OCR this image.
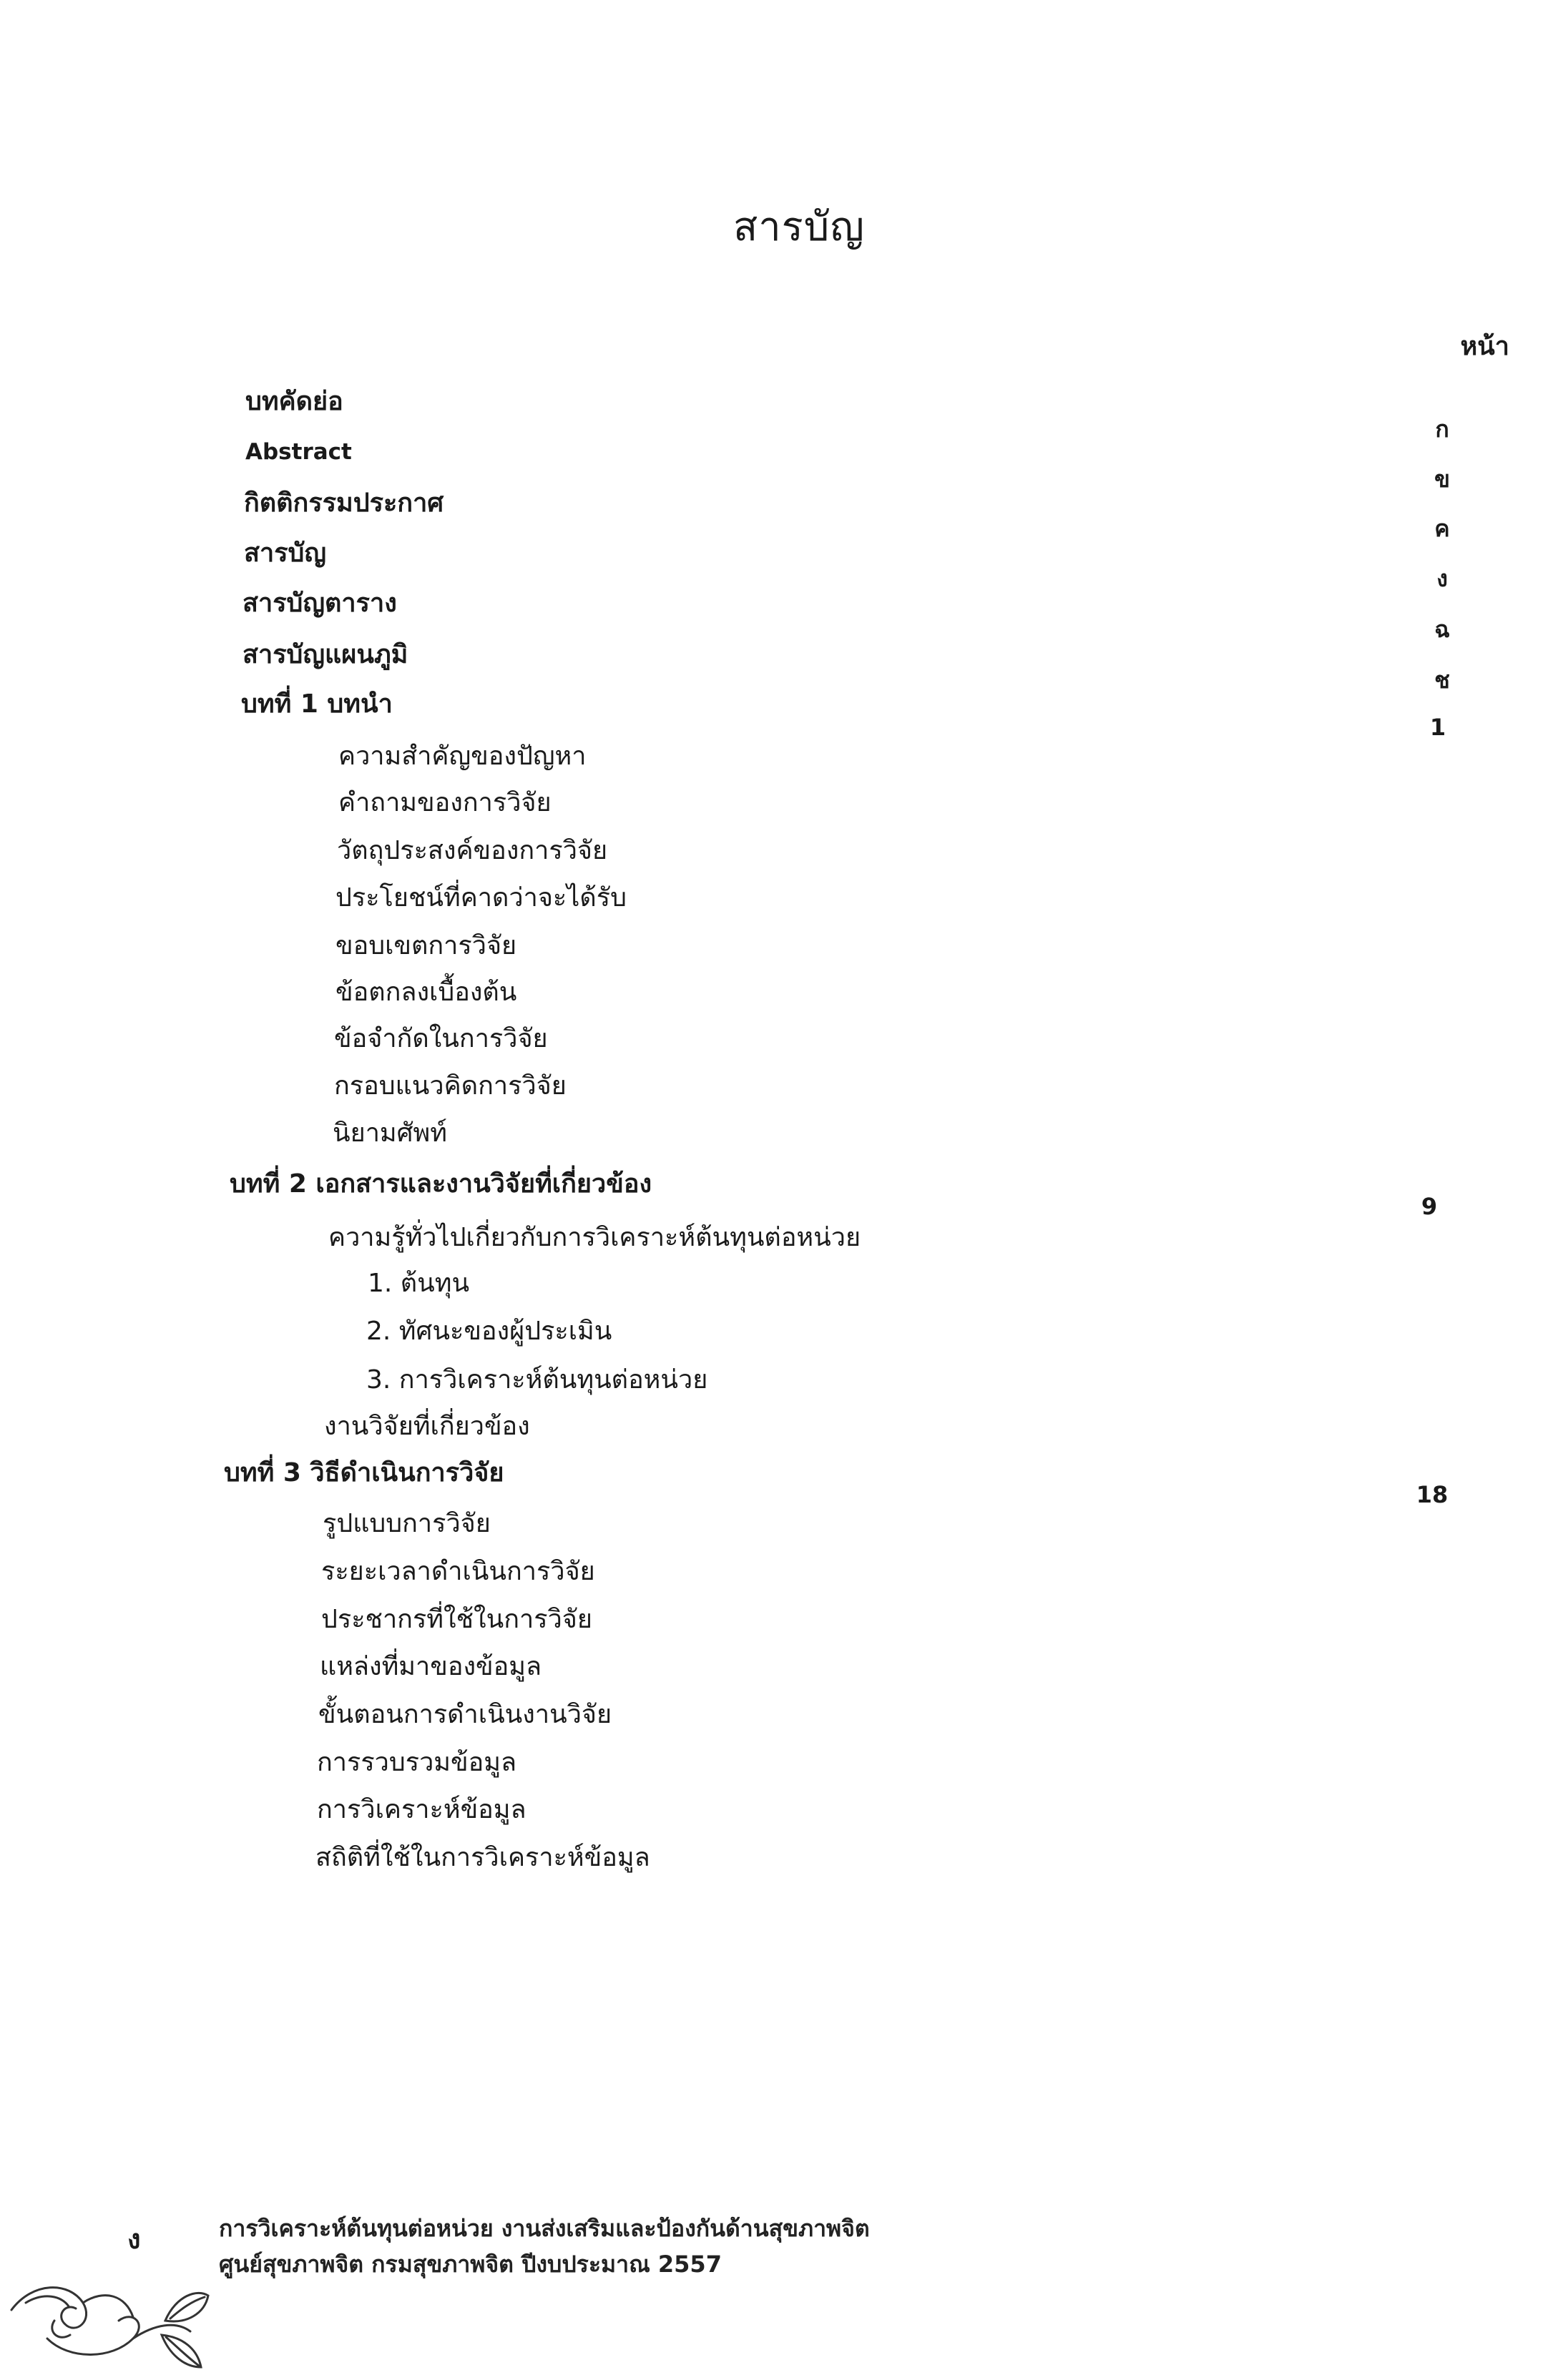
สารบัญ
หน้า
บทคัดย่อ
Abstract
กิตติกรรมประกาศ
สารบัญ
สารบัญตาราง
สารบัญแผนภูมิ
บทที่ 1 บทนำ
ความสำคัญของปัญหา
คำถามของการวิจัย
วัตถุประสงค์ของการวิจัย
ประโยชน์ที่คาดว่าจะได้รับ
ขอบเขตการวิจัย
ข้อตกลงเบื้องต้น
ข้อจำกัดในการวิจัย
กรอบแนวคิดการวิจัย
นิยามศัพท์
บทที่ 2 เอกสารและงานวิจัยที่เกี่ยวข้อง
ความรู้ทั่วไปเกี่ยวกับการวิเคราะห์ต้นทุนต่อหน่วย
1. ต้นทุน
2. ทัศนะของผู้ประเมิน
3. การวิเคราะห์ต้นทุนต่อหน่วย
งานวิจัยที่เกี่ยวข้อง
บทที่ 3 วิธีดำเนินการวิจัย
รูปแบบการวิจัย
ระยะเวลาดำเนินการวิจัย
ประชากรที่ใช้ในการวิจัย
แหล่งที่มาของข้อมูล
ขั้นตอนการดำเนินงานวิจัย
การรวบรวมข้อมูล
การวิเคราะห์ข้อมูล
สถิติที่ใช้ในการวิเคราะห์ข้อมูล
ก
ข
ค
ง
ฉ
ช
1
9
18
ง	การวิเคราะห์ต้นทุนต่อหน่วย งานส่งเสริมและป้องกันด้านสุขภาพจิต
ศูนย์สุขภาพจิต กรมสุขภาพจิต ปีงบประมาณ 2557
